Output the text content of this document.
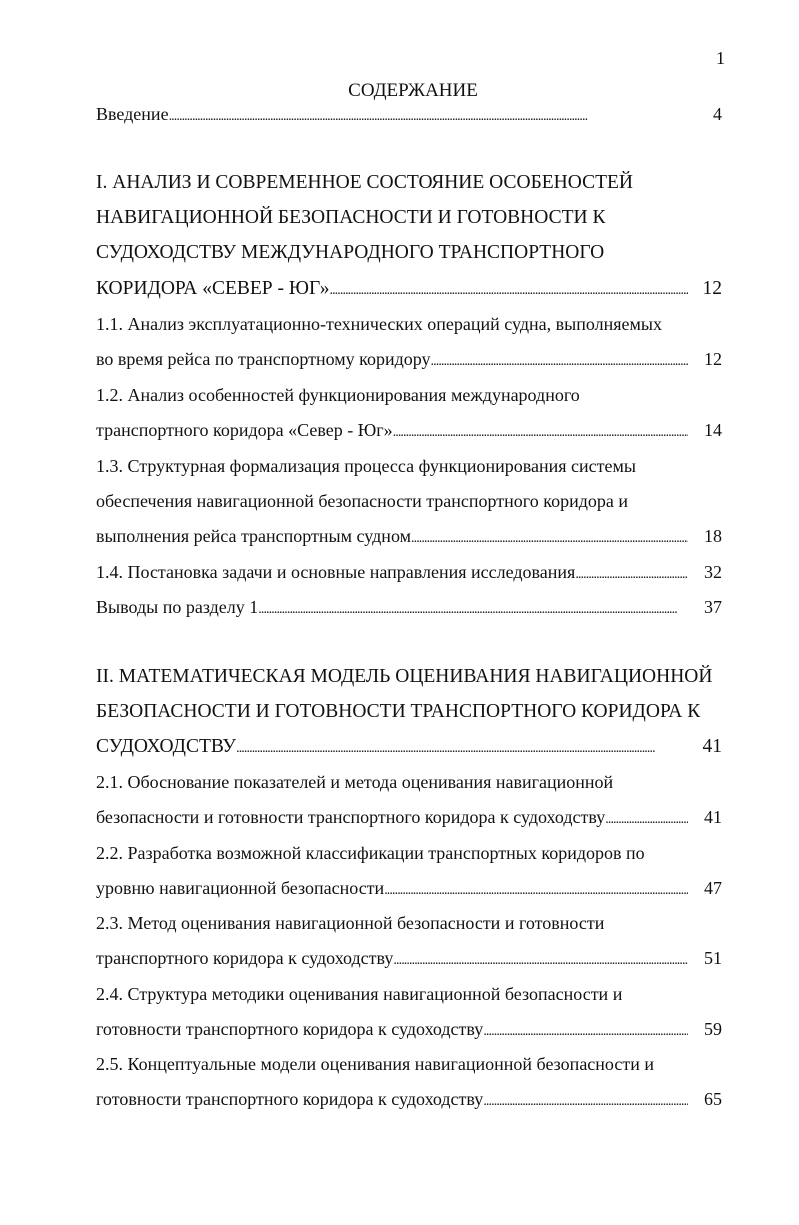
1
СОДЕРЖАНИЕ
Введение . . .	4
I. АНАЛИЗ И СОВРЕМЕННОЕ СОСТОЯНИЕ ОСОБЕНОСТЕЙ
НАВИГАЦИОННОЙ БЕЗОПАСНОСТИ И ГОТОВНОСТИ К
СУДОХОДСТВУ МЕЖДУНАРОДНОГО ТРАНСПОРТНОГО
КОРИДОРА «СЕВЕР - ЮГ» . . .	12
1.1. Анализ эксплуатационно-технических операций судна, выполняемых
во время рейса по транспортному коридору . . .	12
1.2. Анализ особенностей функционирования международного
транспортного коридора «Север - Юг» . . .	14
1.3. Структурная формализация процесса функционирования системы
обеспечения навигационной безопасности транспортного коридора и
выполнения рейса транспортным судном . . .	18
1.4. Постановка задачи и основные направления исследования . . .	32
Выводы по разделу 1 . . .	37
II. МАТЕМАТИЧЕСКАЯ МОДЕЛЬ ОЦЕНИВАНИЯ НАВИГАЦИОННОЙ
БЕЗОПАСНОСТИ И ГОТОВНОСТИ ТРАНСПОРТНОГО КОРИДОРА К
СУДОХОДСТВУ . . .	41
2.1. Обоснование показателей и метода оценивания навигационной
безопасности и готовности транспортного коридора к судоходству . . .	41
2.2. Разработка возможной классификации транспортных коридоров по
уровню навигационной безопасности . . .	47
2.3. Метод оценивания навигационной безопасности и готовности
транспортного коридора к судоходству . . .	51
2.4. Структура методики оценивания навигационной безопасности и
готовности транспортного коридора к судоходству . . .	59
2.5. Концептуальные модели оценивания навигационной безопасности и
готовности транспортного коридора к судоходству . . .	65
